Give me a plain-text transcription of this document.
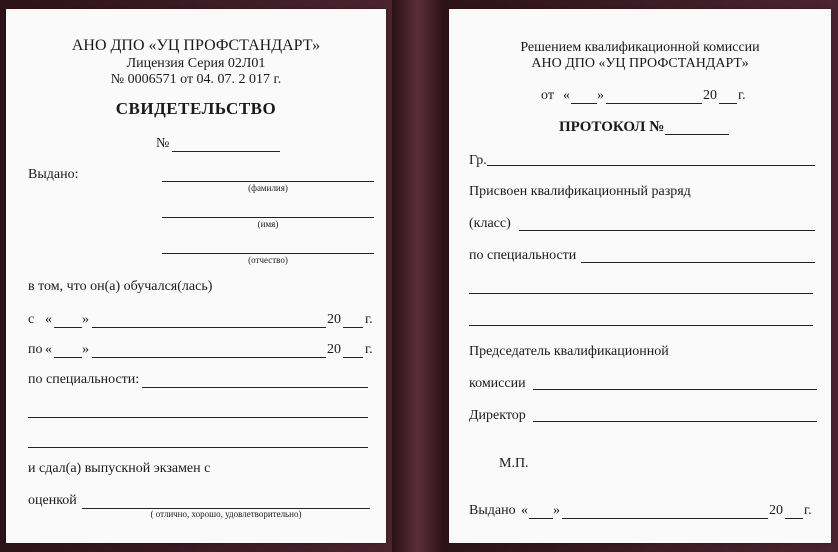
АНО ДПО «УЦ ПРОФСТАНДАРТ»
Лицензия Серия 02Л01
№ 0006571 от 04. 07. 2 017 г.
СВИДЕТЕЛЬСТВО
№
Выдано:
(фамилия)
(имя)
(отчество)
в том, что он(а) обучался(лась)
с « »	20 г.
по « »	20 г.
по специальности:
и сдал(а) выпускной экзамен с
оценкой
( отлично, хорошо, удовлетворительно)
Решением квалификационной комиссии
АНО ДПО «УЦ ПРОФСТАНДАРТ»
от « »	20 г.
ПРОТОКОЛ №
Гр.
Присвоен квалификационный разряд
(класс)
по специальности
Председатель квалификационной
комиссии
Директор
М.П.
Выдано « »	20 г.
